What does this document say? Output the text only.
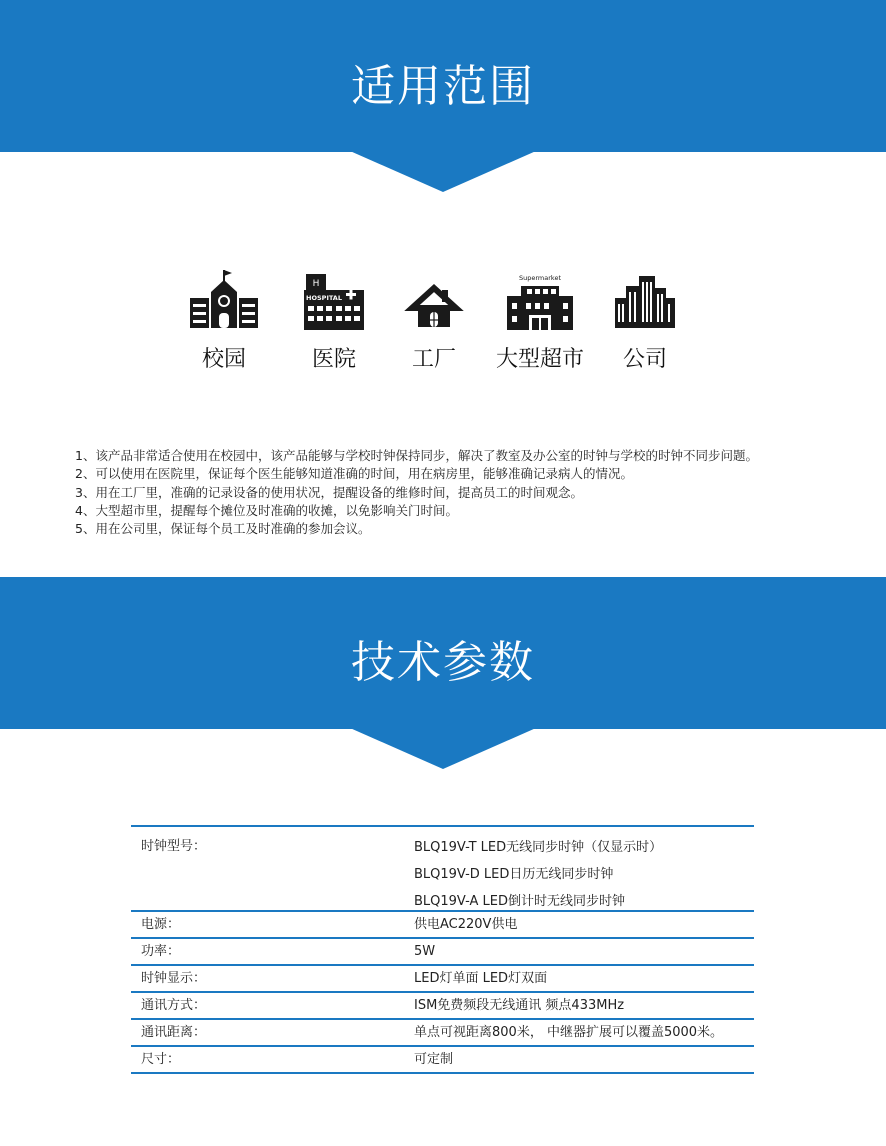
适用范围
校园
H
HOSPITAL
医院	工厂
Supermarket
大型超市	公司
1、该产品非常适合使用在校园中，该产品能够与学校时钟保持同步，解决了教室及办公室的时钟与学校的时钟不同步问题。
2、可以使用在医院里，保证每个医生能够知道准确的时间，用在病房里，能够准确记录病人的情况。
3、用在工厂里，准确的记录设备的使用状况，提醒设备的维修时间，提高员工的时间观念。
4、大型超市里，提醒每个摊位及时准确的收摊，以免影响关门时间。
5、用在公司里，保证每个员工及时准确的参加会议。
技术参数
时钟型号：	BLQ19V-T LED无线同步时钟（仅显示时）
BLQ19V-D LED日历无线同步时钟
BLQ19V-A LED倒计时无线同步时钟
电源：	供电AC220V供电
功率：	5W
时钟显示：	LED灯单面 LED灯双面
通讯方式：	ISM免费频段无线通讯 频点433MHz
通讯距离：	单点可视距离800米， 中继器扩展可以覆盖5000米。
尺寸：	可定制
